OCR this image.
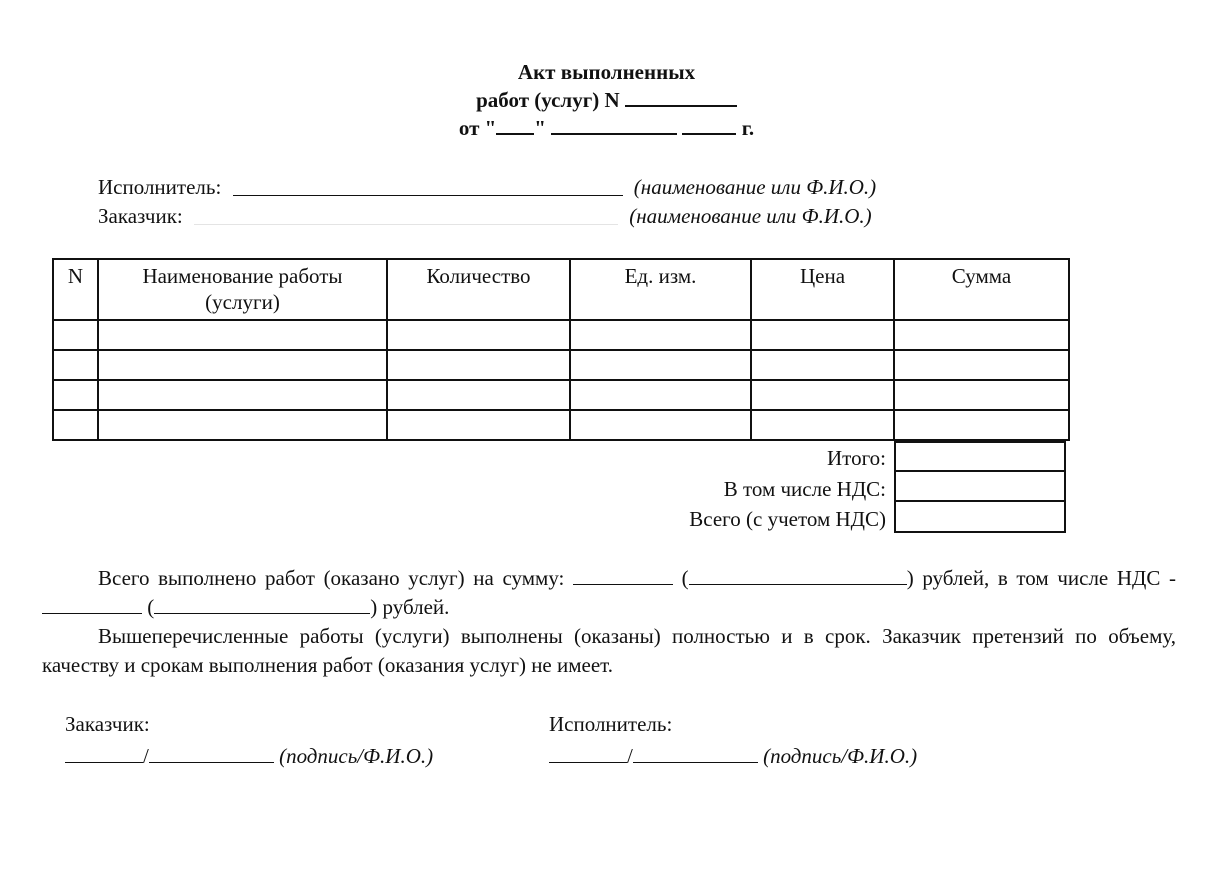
Акт выполненных
работ (услуг) N
от " "	г.
Исполнитель:	(наименование или Ф.И.О.)
Заказчик:	(наименование или Ф.И.О.)
N	Наименование работы (услуги)	Количество	Ед. изм.	Цена	Сумма

Итого:
В том числе НДС:
Всего (с учетом НДС)
Всего выполнено работ (оказано услуг) на сумму:	(	) рублей, в том числе НДС -  (	) рублей.
Вышеперечисленные работы (услуги) выполнены (оказаны) полностью и в срок. Заказчик претензий по объему, качеству и срокам выполнения работ (оказания услуг) не имеет.
Заказчик:
/	(подпись/Ф.И.О.)
Исполнитель:
/	(подпись/Ф.И.О.)
